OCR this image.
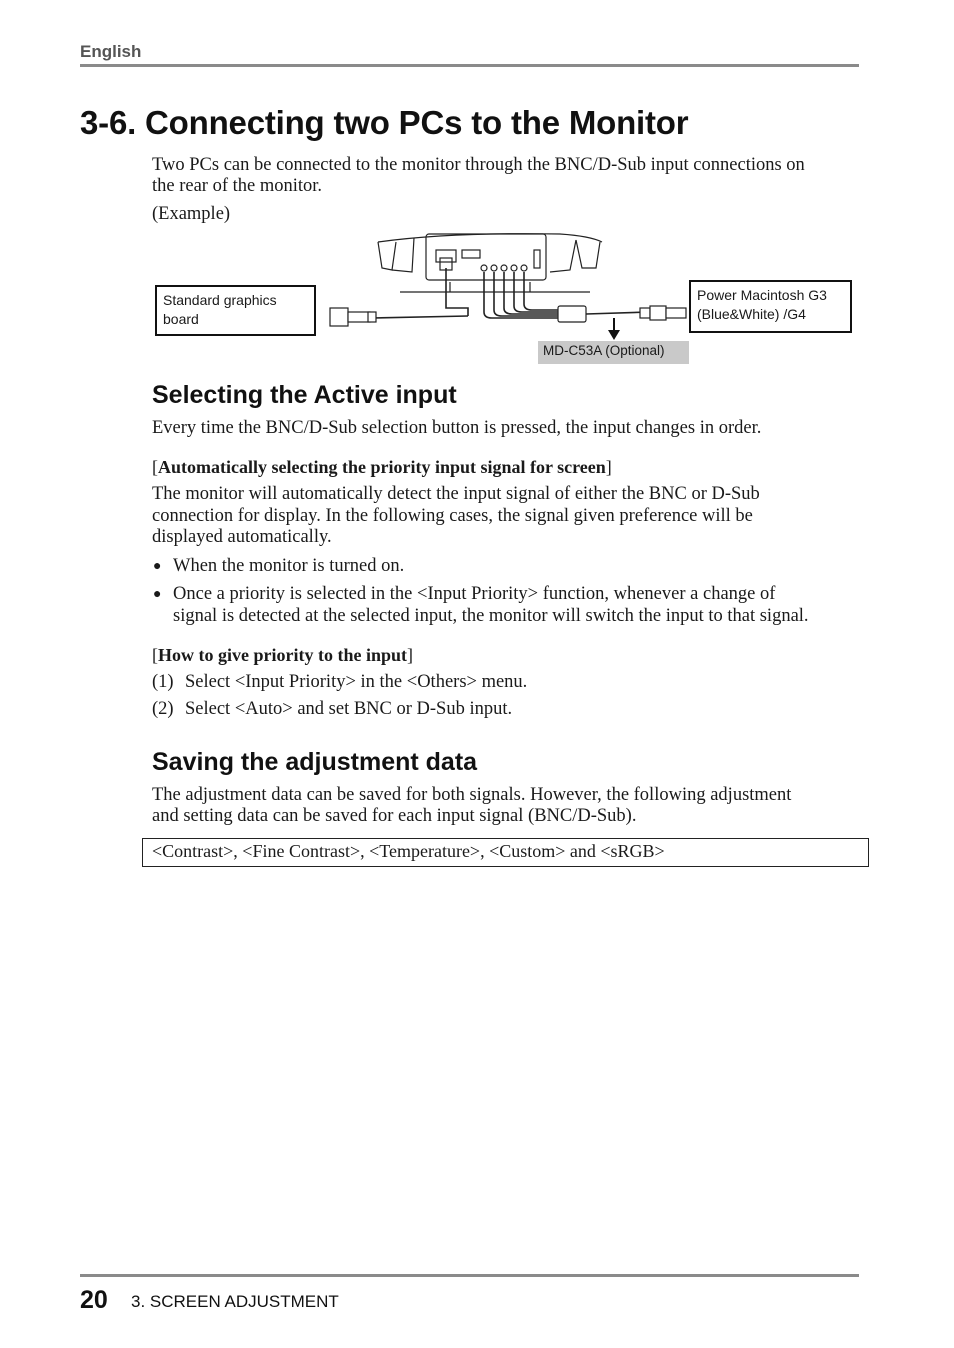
English
3-6. Connecting two PCs to the Monitor
Two PCs can be connected to the monitor through the BNC/D-Sub input connections on
the rear of the monitor.
(Example)
Standard graphics
board
Power Macintosh G3
(Blue&White) /G4
MD-C53A (Optional)
Selecting the Active input
Every time the BNC/D-Sub selection button is pressed, the input changes in order.
[Automatically selecting the priority input signal for screen]
The monitor will automatically detect the input signal of either the BNC or D-Sub
connection for display. In the following cases, the signal given preference will be
displayed automatically.
● When the monitor is turned on.
● Once a priority is selected in the <Input Priority> function, whenever a change of
signal is detected at the selected input, the monitor will switch the input to that signal.
[How to give priority to the input]
(1) Select <Input Priority> in the <Others> menu.
(2) Select <Auto> and set BNC or D-Sub input.
Saving the adjustment data
The adjustment data can be saved for both signals. However, the following adjustment
and setting data can be saved for each input signal (BNC/D-Sub).
<Contrast>, <Fine Contrast>, <Temperature>, <Custom> and <sRGB>
20 3. SCREEN ADJUSTMENT
